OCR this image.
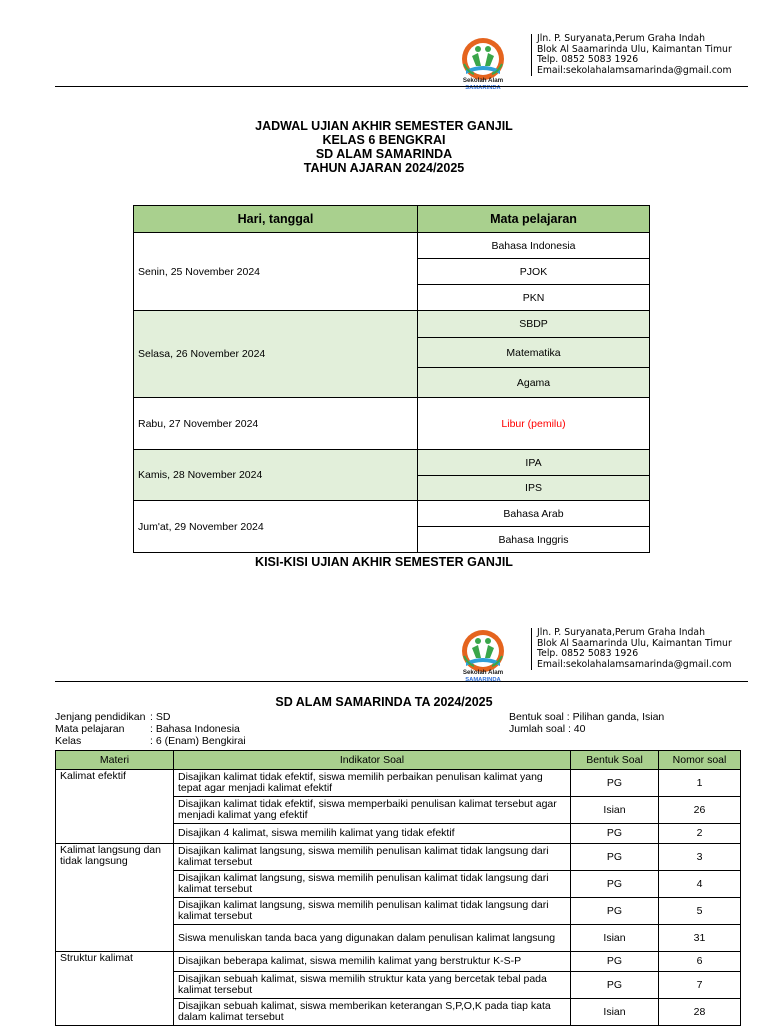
Sekolah Alam
SAMARINDA
Jln. P. Suryanata,Perum Graha Indah
Blok Al Saamarinda Ulu, Kaimantan Timur
Telp. 0852 5083 1926
Email:sekolahalamsamarinda@gmail.com
JADWAL UJIAN AKHIR SEMESTER GANJIL
KELAS 6 BENGKRAI
SD ALAM SAMARINDA
TAHUN AJARAN 2024/2025
Hari, tanggal	Mata pelajaran
Senin, 25 November 2024	Bahasa Indonesia
	PJOK
	PKN
Selasa, 26 November 2024	SBDP
	Matematika
	Agama
Rabu, 27 November 2024	Libur (pemilu)
Kamis, 28 November 2024	IPA
	IPS
Jum'at, 29 November 2024	Bahasa Arab
	Bahasa Inggris
KISI-KISI UJIAN AKHIR SEMESTER GANJIL
Sekolah Alam
SAMARINDA
Jln. P. Suryanata,Perum Graha Indah
Blok Al Saamarinda Ulu, Kaimantan Timur
Telp. 0852 5083 1926
Email:sekolahalamsamarinda@gmail.com
SD ALAM SAMARINDA TA 2024/2025
Jenjang pendidikan : SD
Mata pelajaran	: Bahasa Indonesia
Kelas	: 6 (Enam) Bengkirai
Bentuk soal : Pilihan ganda, Isian
Jumlah soal : 40
Materi	Indikator Soal	Bentuk Soal	Nomor soal
Kalimat efektif	Disajikan kalimat tidak efektif, siswa memilih perbaikan penulisan kalimat yang tepat agar menjadi kalimat efektif	PG	1
	Disajikan kalimat tidak efektif, siswa memperbaiki penulisan kalimat tersebut agar menjadi kalimat yang efektif	Isian	26
	Disajikan 4 kalimat, siswa memilih kalimat yang tidak efektif	PG	2
Kalimat langsung dan tidak langsung	Disajikan kalimat langsung, siswa memilih penulisan kalimat tidak langsung dari kalimat tersebut	PG	3
	Disajikan kalimat langsung, siswa memilih penulisan kalimat tidak langsung dari kalimat tersebut	PG	4
	Disajikan kalimat langsung, siswa memilih penulisan kalimat tidak langsung dari kalimat tersebut	PG	5
	Siswa menuliskan tanda baca yang digunakan dalam penulisan kalimat langsung	Isian	31
Struktur kalimat	Disajikan beberapa kalimat, siswa memilih kalimat yang berstruktur K-S-P	PG	6
	Disajikan sebuah kalimat, siswa memilih struktur kata yang bercetak tebal pada kalimat tersebut	PG	7
	Disajikan sebuah kalimat, siswa memberikan keterangan S,P,O,K pada tiap kata dalam kalimat tersebut	Isian	28
